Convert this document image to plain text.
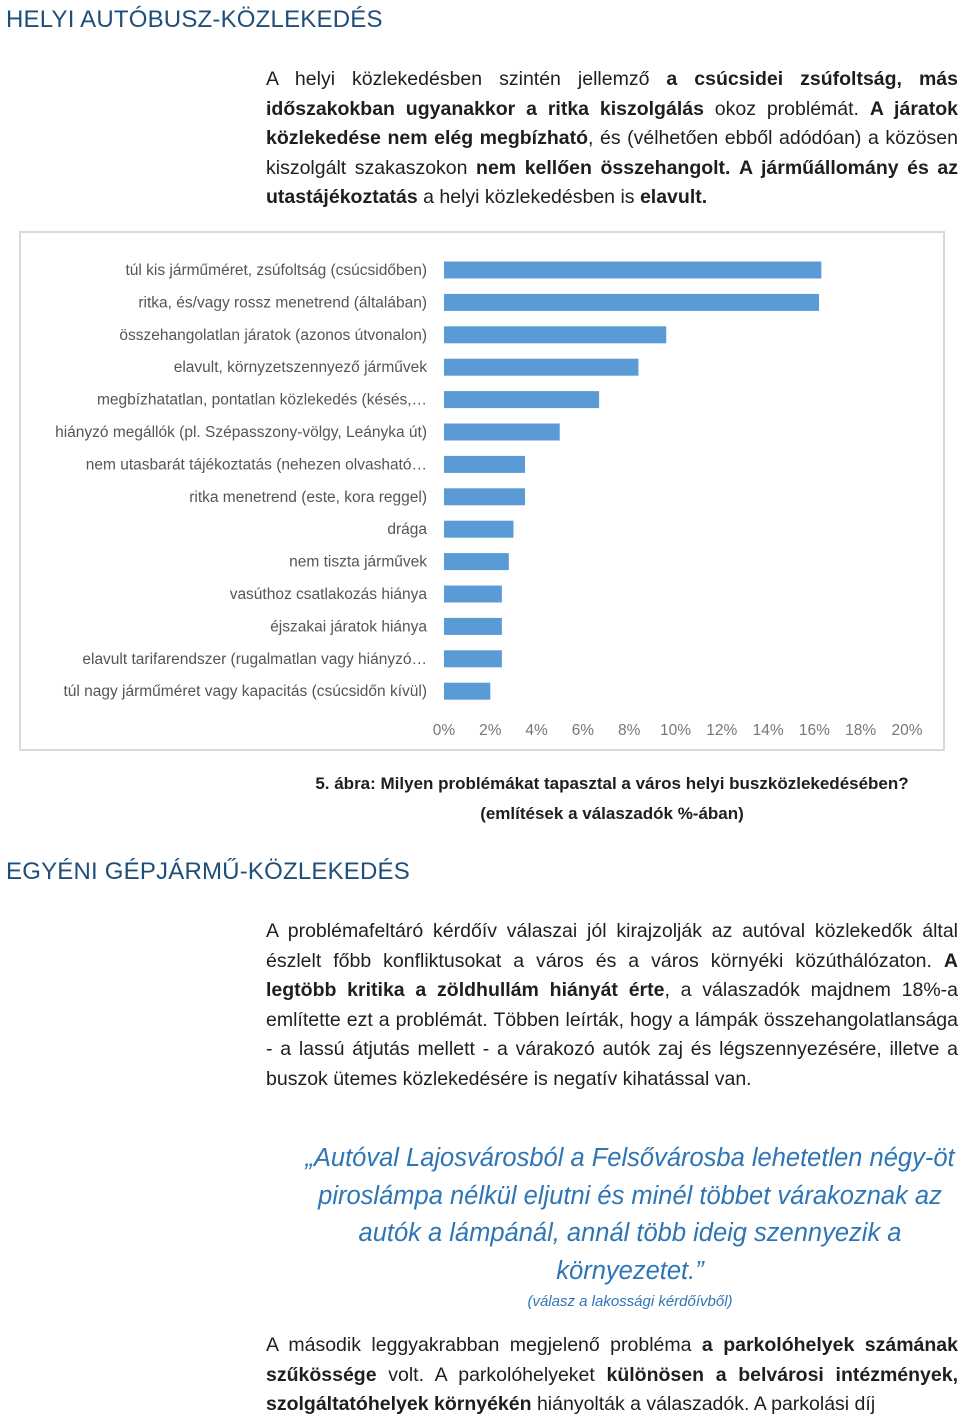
HELYI AUTÓBUSZ-KÖZLEKEDÉS

A helyi közlekedésben szintén jellemző a csúcsidei zsúfoltság, más időszakokban ugyanakkor a ritka kiszolgálás okoz problémát. A járatok közlekedése nem elég megbízható, és (vélhetően ebből adódóan) a közösen kiszolgált szakaszokon nem kellően összehangolt. A járműállomány és az utastájékoztatás a helyi közlekedésben is elavult.

túl kis járműméret, zsúfoltság (csúcsidőben)
ritka, és/vagy rossz menetrend (általában)
összehangolatlan járatok (azonos útvonalon)
elavult, környzetszennyező járművek
megbízhatatlan, pontatlan közlekedés (késés,…
hiányzó megállók (pl. Szépasszony-völgy, Leányka út)
nem utasbarát tájékoztatás (nehezen olvasható…
ritka menetrend (este, kora reggel)
drága
nem tiszta járművek
vasúthoz csatlakozás hiánya
éjszakai járatok hiánya
elavult tarifarendszer (rugalmatlan vagy hiányzó…
túl nagy járműméret vagy kapacitás (csúcsidőn kívül)
0% 2% 4% 6% 8% 10% 12% 14% 16% 18% 20%

5. ábra: Milyen problémákat tapasztal a város helyi buszközlekedésében?

(említések a válaszadók %-ában)

EGYÉNI GÉPJÁRMŰ-KÖZLEKEDÉS

A problémafeltáró kérdőív válaszai jól kirajzolják az autóval közlekedők által észlelt főbb konfliktusokat a város és a város környéki közúthálózaton. A legtöbb kritika a zöldhullám hiányát érte, a válaszadók majdnem 18%-a említette ezt a problémát. Többen leírták, hogy a lámpák összehangolatlansága - a lassú átjutás mellett - a várakozó autók zaj és légszennyezésére, illetve a buszok ütemes közlekedésére is negatív kihatással van.

„Autóval Lajosvárosból a Felsővárosba lehetetlen négy-öt piroslámpa nélkül eljutni és minél többet várakoznak az autók a lámpánál, annál több ideig szennyezik a környezetet.”

(válasz a lakossági kérdőívből)

A második leggyakrabban megjelenő probléma a parkolóhelyek számának szűkössége volt. A parkolóhelyeket különösen a belvárosi intézmények, szolgáltatóhelyek környékén hiányolták a válaszadók. A parkolási díj
